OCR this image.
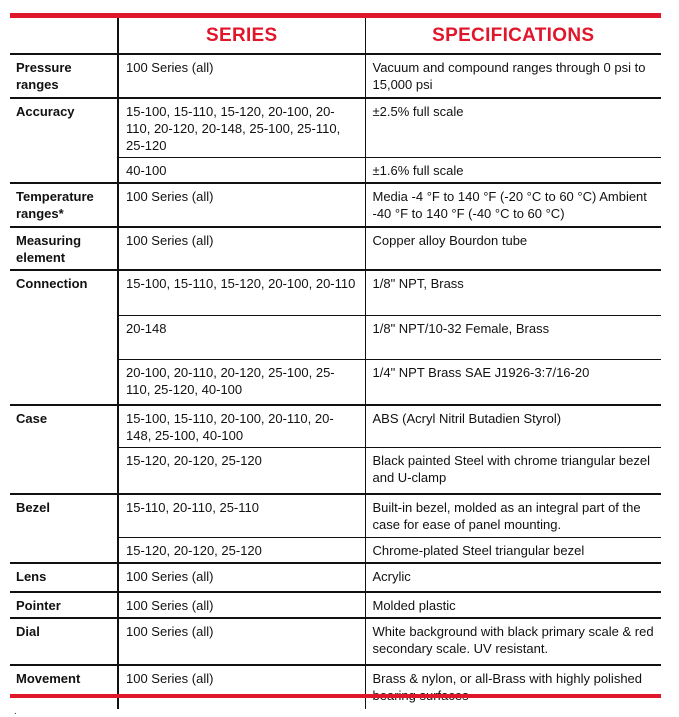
	SERIES	SPECIFICATIONS
Pressure ranges	100 Series (all)	Vacuum and compound ranges through 0 psi to 15,000 psi
Accuracy	15-100, 15-110, 15-120, 20-100, 20-110, 20-120, 20-148, 25-100, 25-110, 25-120	±2.5% full scale
	40-100	±1.6% full scale
Temperature ranges*	100 Series (all)	Media -4 °F to 140 °F (-20 °C to 60 °C) Ambient -40 °F to 140 °F (-40 °C to 60 °C)
Measuring element	100 Series (all)	Copper alloy Bourdon tube
Connection	15-100, 15-110, 15-120, 20-100, 20-110	1/8" NPT, Brass
	20-148	1/8" NPT/10-32 Female, Brass
	20-100, 20-110, 20-120, 25-100, 25-110, 25-120, 40-100	1/4" NPT Brass SAE J1926-3:7/16-20
Case	15-100, 15-110, 20-100, 20-110, 20-148, 25-100, 40-100	ABS (Acryl Nitril Butadien Styrol)
	15-120, 20-120, 25-120	Black painted Steel with chrome triangular bezel and U-clamp
Bezel	15-110, 20-110, 25-110	Built-in bezel, molded as an integral part of the case for ease of panel mounting.
	15-120, 20-120, 25-120	Chrome-plated Steel triangular bezel
Lens	100 Series (all)	Acrylic
Pointer	100 Series (all)	Molded plastic
Dial	100 Series (all)	White background with black primary scale & red secondary scale. UV resistant.
Movement	100 Series (all)	Brass & nylon, or all-Brass with highly polished
.
